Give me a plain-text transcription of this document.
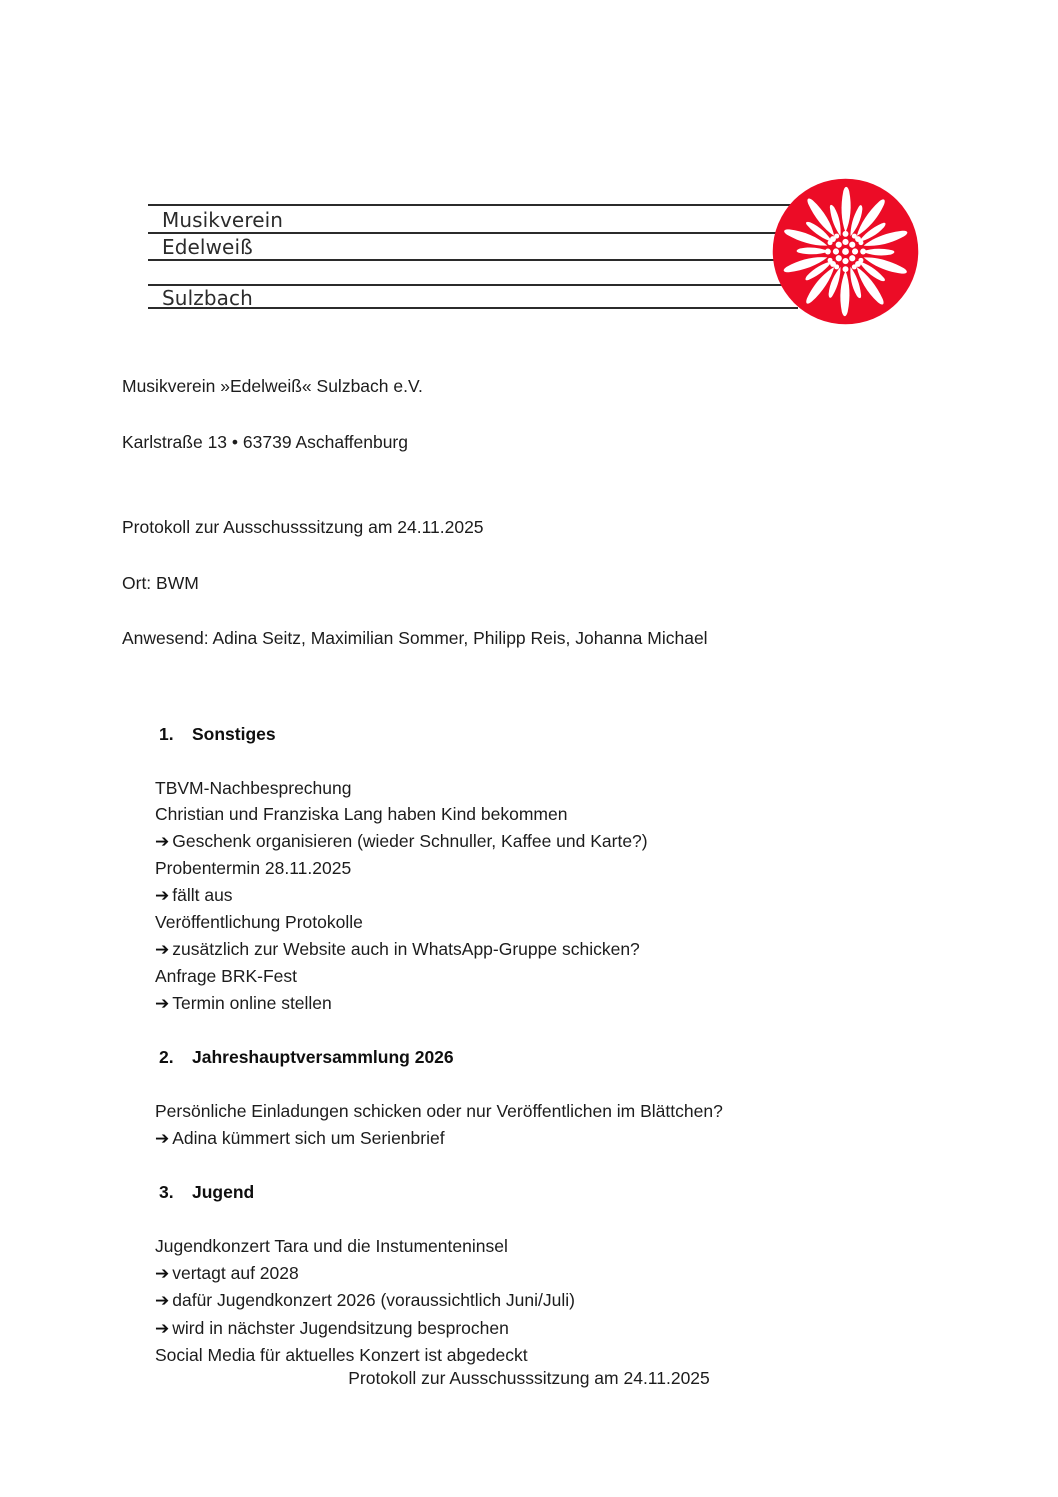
Musikverein
Edelweiß
Sulzbach
Musikverein »Edelweiß« Sulzbach e.V.
Karlstraße 13 • 63739 Aschaffenburg
Protokoll zur Ausschusssitzung am 24.11.2025
Ort: BWM
Anwesend: Adina Seitz, Maximilian Sommer, Philipp Reis, Johanna Michael
1.	Sonstiges
TBVM-Nachbesprechung
Christian und Franziska Lang haben Kind bekommen
➔ Geschenk organisieren (wieder Schnuller, Kaffee und Karte?)
Probentermin 28.11.2025
➔ fällt aus
Veröffentlichung Protokolle
➔ zusätzlich zur Website auch in WhatsApp-Gruppe schicken?
Anfrage BRK-Fest
➔ Termin online stellen
2.	Jahreshauptversammlung 2026
Persönliche Einladungen schicken oder nur Veröffentlichen im Blättchen?
➔ Adina kümmert sich um Serienbrief
3.	Jugend
Jugendkonzert Tara und die Instumenteninsel
➔ vertagt auf 2028
➔ dafür Jugendkonzert 2026 (voraussichtlich Juni/Juli)
➔ wird in nächster Jugendsitzung besprochen
Social Media für aktuelles Konzert ist abgedeckt
Protokoll zur Ausschusssitzung am 24.11.2025
